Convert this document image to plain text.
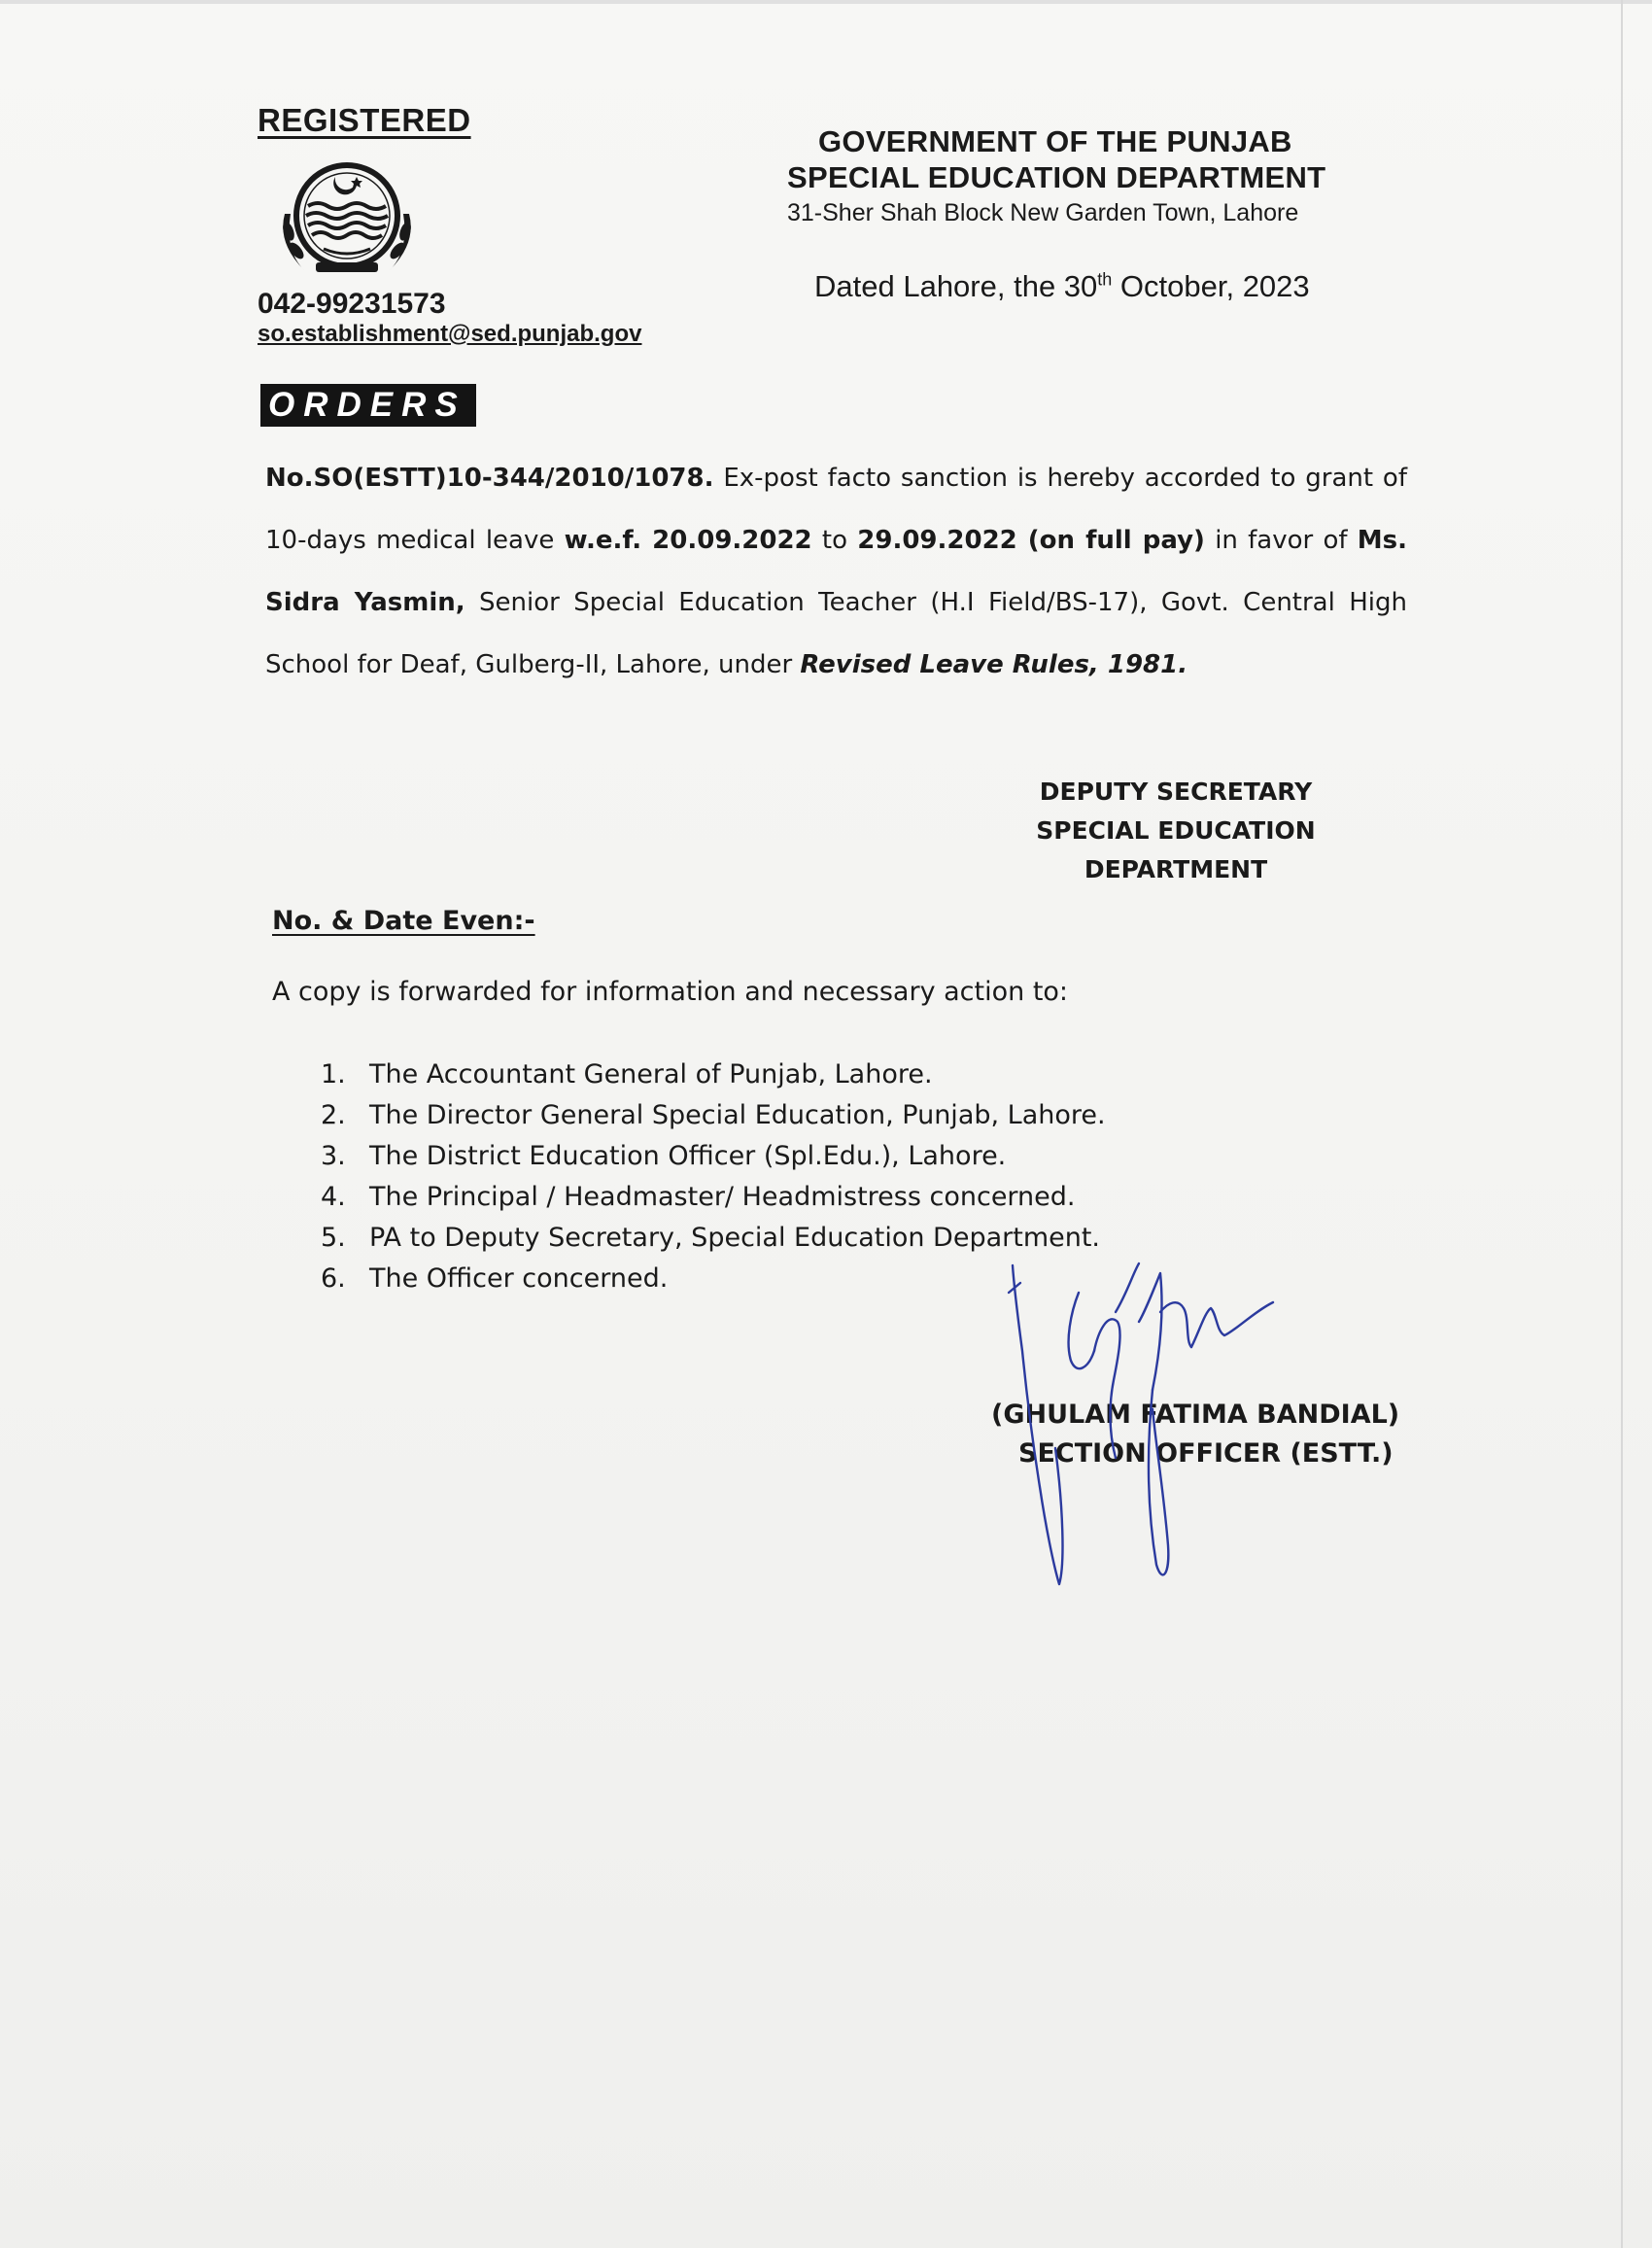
REGISTERED
042-99231573
so.establishment@sed.punjab.gov
GOVERNMENT OF THE PUNJAB
SPECIAL EDUCATION DEPARTMENT
31-Sher Shah Block New Garden Town, Lahore
Dated Lahore, the 30th October, 2023
ORDERS
No.SO(ESTT)10-344/2010/1078. Ex-post facto sanction is hereby accorded to grant of 10-days medical leave w.e.f. 20.09.2022 to 29.09.2022 (on full pay) in favor of Ms. Sidra Yasmin, Senior Special Education Teacher (H.I Field/BS-17), Govt. Central High School for Deaf, Gulberg-II, Lahore, under Revised Leave Rules, 1981.
DEPUTY SECRETARY
SPECIAL EDUCATION
DEPARTMENT
No. & Date Even:-
A copy is forwarded for information and necessary action to:
1. The Accountant General of Punjab, Lahore.
2. The Director General Special Education, Punjab, Lahore.
3. The District Education Officer (Spl.Edu.), Lahore.
4. The Principal / Headmaster/ Headmistress concerned.
5. PA to Deputy Secretary, Special Education Department.
6. The Officer concerned.
(GHULAM FATIMA BANDIAL)
SECTION OFFICER (ESTT.)
